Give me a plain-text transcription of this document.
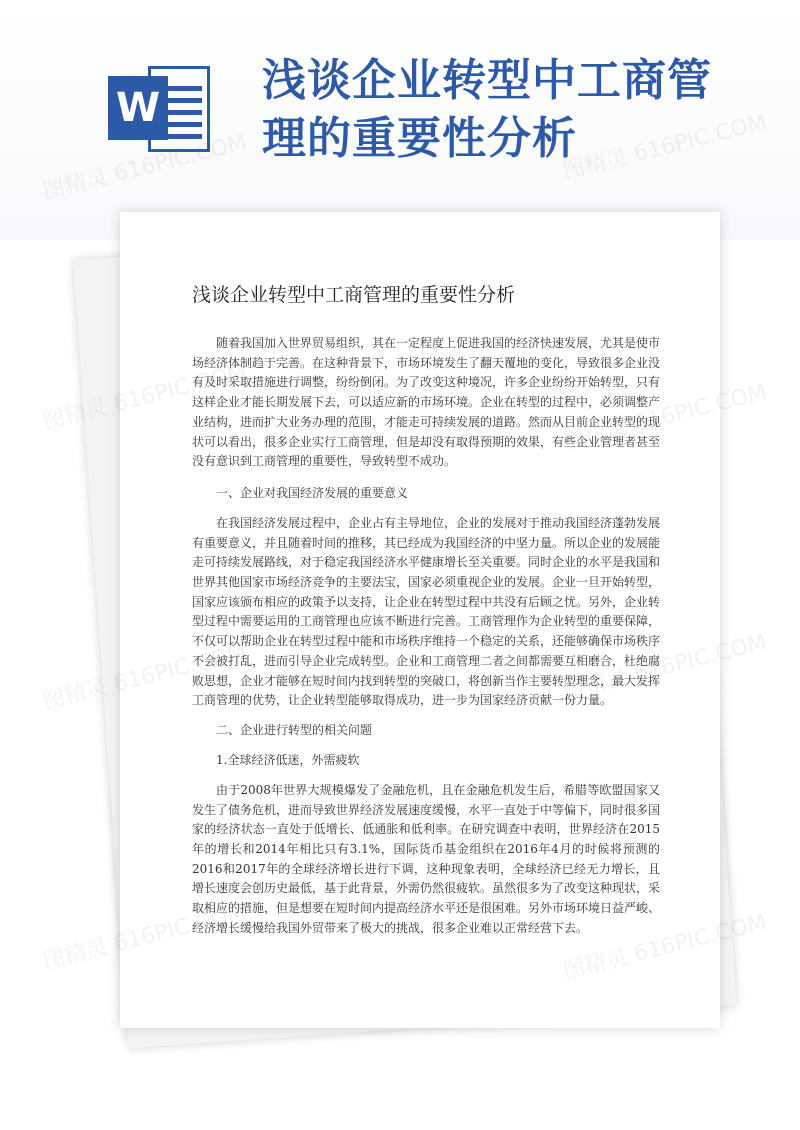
W
浅谈企业转型中工商管理的重要性分析
浅谈企业转型中工商管理的重要性分析

随着我国加入世界贸易组织，其在一定程度上促进我国的经济快速发展，尤其是使市场经济体制趋于完善。在这种背景下，市场环境发生了翻天覆地的变化，导致很多企业没有及时采取措施进行调整，纷纷倒闭。为了改变这种境况，许多企业纷纷开始转型，只有这样企业才能长期发展下去，可以适应新的市场环境。企业在转型的过程中，必须调整产业结构，进而扩大业务办理的范围，才能走可持续发展的道路。然而从目前企业转型的现状可以看出，很多企业实行工商管理，但是却没有取得预期的效果，有些企业管理者甚至没有意识到工商管理的重要性，导致转型不成功。

一、企业对我国经济发展的重要意义

在我国经济发展过程中，企业占有主导地位，企业的发展对于推动我国经济蓬勃发展有重要意义，并且随着时间的推移，其已经成为我国经济的中坚力量。所以企业的发展能走可持续发展路线，对于稳定我国经济水平健康增长至关重要。同时企业的水平是我国和世界其他国家市场经济竞争的主要法宝，国家必须重视企业的发展。企业一旦开始转型，国家应该颁布相应的政策予以支持，让企业在转型过程中共没有后顾之忧。另外，企业转型过程中需要运用的工商管理也应该不断进行完善。工商管理作为企业转型的重要保障，不仅可以帮助企业在转型过程中能和市场秩序维持一个稳定的关系，还能够确保市场秩序不会被打乱，进而引导企业完成转型。企业和工商管理二者之间都需要互相磨合，杜绝腐败思想，企业才能够在短时间内找到转型的突破口，将创新当作主要转型理念，最大发挥工商管理的优势，让企业转型能够取得成功，进一步为国家经济贡献一份力量。

二、企业进行转型的相关问题

1.全球经济低迷，外需疲软

由于2008年世界大规模爆发了金融危机，且在金融危机发生后，希腊等欧盟国家又发生了债务危机，进而导致世界经济发展速度缓慢，水平一直处于中等偏下，同时很多国家的经济状态一直处于低增长、低通胀和低利率。在研究调查中表明，世界经济在2015年的增长和2014年相比只有3.1%，国际货币基金组织在2016年4月的时候将预测的2016和2017年的全球经济增长进行下调，这种现象表明，全球经济已经无力增长，且增长速度会创历史最低，基于此背景，外需仍然很疲软。虽然很多为了改变这种现状，采取相应的措施，但是想要在短时间内提高经济水平还是很困难。另外市场环境日益严峻、经济增长缓慢给我国外贸带来了极大的挑战，很多企业难以正常经营下去。

图精灵
图精灵
图精灵
